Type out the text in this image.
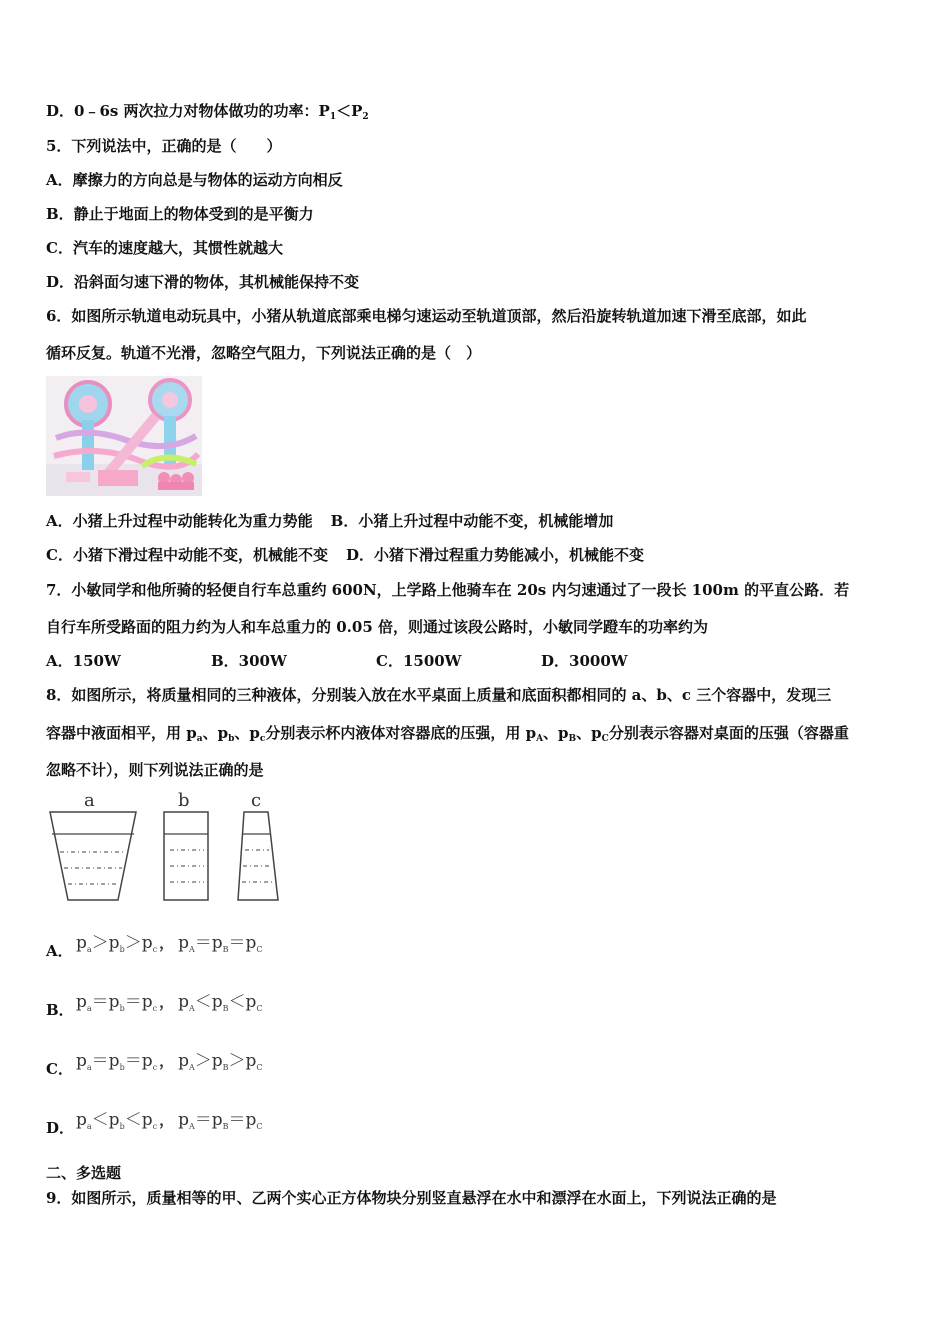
D．0﹣6s 两次拉力对物体做功的功率：$P_1<P_2$
5．下列说法中，正确的是（　　）
A．摩擦力的方向总是与物体的运动方向相反
B．静止于地面上的物体受到的是平衡力
C．汽车的速度越大，其惯性就越大
D．沿斜面匀速下滑的物体，其机械能保持不变
6．如图所示轨道电动玩具中，小猪从轨道底部乘电梯匀速运动至轨道顶部，然后沿旋转轨道加速下滑至底部，如此
循环反复。轨道不光滑，忽略空气阻力，下列说法正确的是（　）
A．小猪上升过程中动能转化为重力势能 B．小猪上升过程中动能不变，机械能增加
C．小猪下滑过程中动能不变，机械能不变 D．小猪下滑过程重力势能减小，机械能不变
7．小敏同学和他所骑的轻便自行车总重约 600N，上学路上他骑车在 20s 内匀速通过了一段长 100m 的平直公路．若
自行车所受路面的阻力约为人和车总重力的 0.05 倍，则通过该段公路时，小敏同学蹬车的功率约为
A．150W	B．300W	C．1500W	D．3000W
8．如图所示，将质量相同的三种液体，分别装入放在水平桌面上质量和底面积都相同的 a、b、c 三个容器中，发现三
容器中液面相平，用 $p_a$、$p_b$、$p_c$分别表示杯内液体对容器底的压强，用 $p_A$、$p_B$、$p_C$分别表示容器对桌面的压强（容器重
忽略不计），则下列说法正确的是
a	b	c
A． $p_a>p_b>p_c$ ， $p_A=p_B=p_C$
B． $p_a=p_b=p_c$ ， $p_A<p_B<p_C$
C． $p_a=p_b=p_c$ ， $p_A>p_B>p_C$
D． $p_a<p_b<p_c$ ， $p_A=p_B=p_C$
二、多选题
9．如图所示，质量相等的甲、乙两个实心正方体物块分别竖直悬浮在水中和漂浮在水面上，下列说法正确的是
